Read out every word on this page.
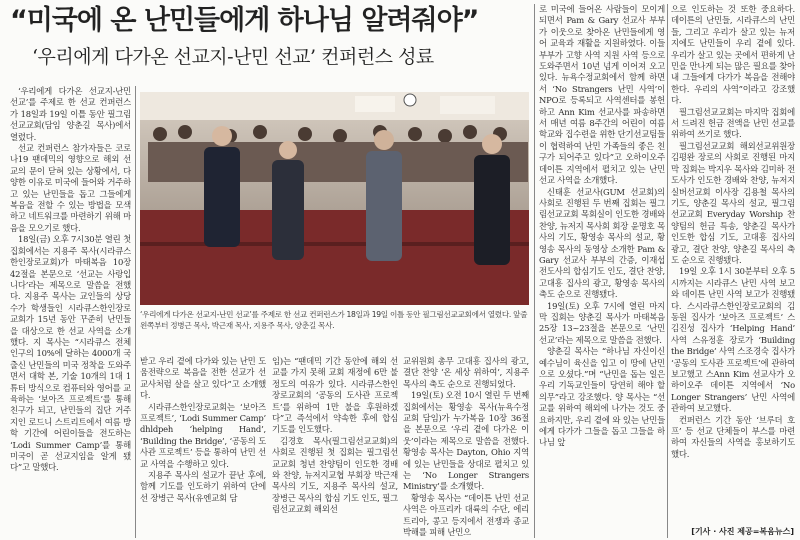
“미국에 온 난민들에게 하나님 알려줘야”
‘우리에게 다가온 선교지-난민 선교’ 컨퍼런스 성료
‘우리에게 다가온 선교지-난민 선교’를 주제로 한 선교 컨퍼런스가 18일과 19일 이틀 동안 필그림선교교회에서 열렸다. 앞줄 왼쪽부터 정병근 목사, 박근재 목사, 지용주 목사, 양춘길 목사.

‘우리에게 다가온 선교지-난민 선교’를 주제로 한 선교 컨퍼런스가 18일과 19일 이틀 동안 필그림선교교회(담임 양춘길 목사)에서 열렸다.

선교 컨퍼런스 참가자들은 코로나19 팬데믹의 영향으로 해외 선교의 문이 닫혀 있는 상황에서, 다양한 이유로 미국에 들어와 거주하고 있는 난민들을 돕고 그들에게 복음을 전할 수 있는 방법을 모색하고 네트워크를 마련하기 위해 마음을 모으기로 했다.

18일(금) 오후 7시30분 열린 첫 집회에서는 지용주 목사(시라큐스한인장로교회)가 마태복음 10장 42절을 본문으로 ‘선교는 사랑입니다’라는 제목으로 말씀을 전했다. 지용주 목사는 교인들의 상당수가 학생들인 시라큐스한인장로교회가 15년 동안 꾸준히 난민들을 대상으로 한 선교 사역을 소개했다. 지 목사는 “시라큐스 전체 인구의 10%에 달하는 4000개 국 출신 난민들의 미국 정착을 도와주면서 대학 본, 기술 10개의 1대 1 튜터 방식으로 컴퓨터와 영어를 교육하는 ‘보아즈 프로젝트’를 통해 친구가 되고, 난민들의 집단 거주지인 로드니 스트리트에서 여름 방학 기간에 어린이들을 전도하는 ‘Lodi Summer Camp’를 통해 미국이 곧 선교지임을 알게 됐다”고 말했다.

받고 우리 곁에 다가와 있는 난민 도움전략으로 복음을 전한 선교가 선교사처럼 살을 살고 있다”고 소개했다.

시라큐스한인장로교회는 ‘보아즈 프로젝트’, ‘Lodi Summer Camp’ dhldpeh ‘helping Hand’, ‘Building the Bridge’, ‘공동의 도사관 프로젝트’ 등을 통하여 난민 선교 사역을 수행하고 있다.

지용주 목사의 설교가 끝난 후에, 함께 기도를 인도하기 위하여 단에 선 장병근 목사(유엔교회 담

임)는 “팬데믹 기간 동안에 해외 선교를 가지 못해 교회 재정에 6만 불 정도의 여유가 있다. 시라큐스한인장로교회의 ‘공동의 도사관 프로젝트’를 위하여 1만 불을 후원하겠다”고 즉석에서 약속한 후에 합심 기도를 인도했다.

김경호 목사(필그림선교교회)의 사회로 진행된 첫 집회는 필그림선교교회 청년 찬양팀이 인도한 경배와 찬양, 뉴저지교협 부회장 박근재 목사의 기도, 지용주 목사의 설교, 장병근 목사의 합심 기도 인도, 필그림선교교회 해외선

교위원회 총무 고대흥 집사의 광고, 결단 찬양 ‘온 세상 위하여’, 지용주 목사의 축도 순으로 진행되었다.

19일(토) 오전 10시 열린 두 번째 집회에서는 황영송 목사(뉴욕수정교회 담임)가 누가복음 10장 36절을 본문으로 ‘우리 곁에 다가온 이웃’이라는 제목으로 말씀을 전했다. 황영송 목사는 Dayton, Ohio 지역에 있는 난민들을 상대로 펼치고 있는 ‘No Longer Strangers Ministry’를 소개했다.

황영송 목사는 “데이튼 난민 선교 사역은 아프리카 대륙의 수단, 에리트리아, 콩고 등지에서 전쟁과 종교 박해를 피해 난민으

로 미국에 들어온 사람들이 모이게 되면서 Pam & Gary 선교사 부부가 이웃으로 찾아온 난민들에게 영어 교육과 재활을 지원하였다. 이들 부부가 고향 사역 지원 사역 등으로 도와주면서 10년 넘게 이어져 오고 있다. 뉴욕수정교회에서 함께 하면서 ‘No Strangers 난민 사역’이 NPO로 등록되고 사역센터를 봉헌하고 Ann Kim 선교사를 파송하면서 매년 여름 8주간의 어린이 여름학교와 집수련을 위한 단기선교팀들이 협력하여 난민 가족들의 좋은 친구가 되어주고 있다”고 오하이오주 데이튼 지역에서 펼치고 있는 난민 선교 사역을 소개했다.

신태훈 선교사(GUM 선교회)의 사회로 진행된 두 번째 집회는 필그림선교교회 목회실이 인도한 경배와 찬양, 뉴저지 목사회 회장 윤명호 목사의 기도, 황영송 목사의 설교, 황영송 목사의 동영상 소개한 Pam & Gary 선교사 부부의 간증, 이재섭 전도사의 합심기도 인도, 결단 찬양, 고대흥 집사의 광고, 황영송 목사의 축도 순으로 진행됐다.

19일(토) 오후 7시에 열린 마지막 집회는 양춘길 목사가 마태복음 25장 13~23절을 본문으로 ‘난민 선교’라는 제목으로 말씀을 전했다.

양춘길 목사는 “하나님 자신이신 예수님이 육신을 입고 이 땅에 난민으로 오셨다.”며 “난민을 돕는 일은 우리 기독교인들이 당연히 해야 할 의무”라고 강조했다. 양 목사는 “선교를 위하여 해외에 나가는 것도 중요하지만, 우리 곁에 와 있는 난민들에게 다가가 그들을 돕고 그들을 하나님 앞

으로 인도하는 것 또한 중요하다. 데이튼의 난민들, 시라큐스의 난민들, 그리고 우리가 살고 있는 뉴저지에도 난민들이 우리 곁에 있다. 우리가 살고 있는 곳에서 편하게 난민을 만나게 되는 많은 필요를 찾아내 그들에게 다가가 복음을 전해야 한다. 우리의 사역”이라고 강조했다.

필그림선교교회는 마지막 집회에서 드려진 헌금 전액을 난민 선교를 위하여 쓰기로 했다.

필그림선교교회 해외선교위원장 김평완 장로의 사회로 진행된 마지막 집회는 박지우 목사와 김미하 전도사가 인도한 경배와 찬양, 뉴저지실버선교회 이사장 김용철 목사의 기도, 양춘길 목사의 설교, 필그림선교교회 Everyday Worship 찬양팀의 헌금 특송, 양춘길 목사가 인도한 합심 기도, 고대흥 집사의 광고, 결단 찬양, 양춘길 목사의 축도 순으로 진행됐다.

19일 오후 1시 30분부터 오후 5시까지는 시라큐스 난민 사역 보고와 데이튼 난민 사역 보고가 진행됐다. 스시라큐스한인장로교회의 김동원 집사가 ‘보아즈 프로젝트’ 스김진성 집사가 ‘Helping Hand’ 사역 스유정훈 장로가 ‘Building the Bridge’ 사역 스조경숙 집사가 ‘공동의 도사관 프로젝트’에 관하여 보고했고 스Ann Kim 선교사가 오하이오주 데이튼 지역에서 ‘No Longer Strangers’ 난민 사역에 관하여 보고했다.

컨퍼런스 기간 동안 ‘브루더 호프’ 등 선교 단체들이 부스를 마련하여 자신들의 사역을 홍보하기도 했다.

[기사 · 사진 제공=복음뉴스]
